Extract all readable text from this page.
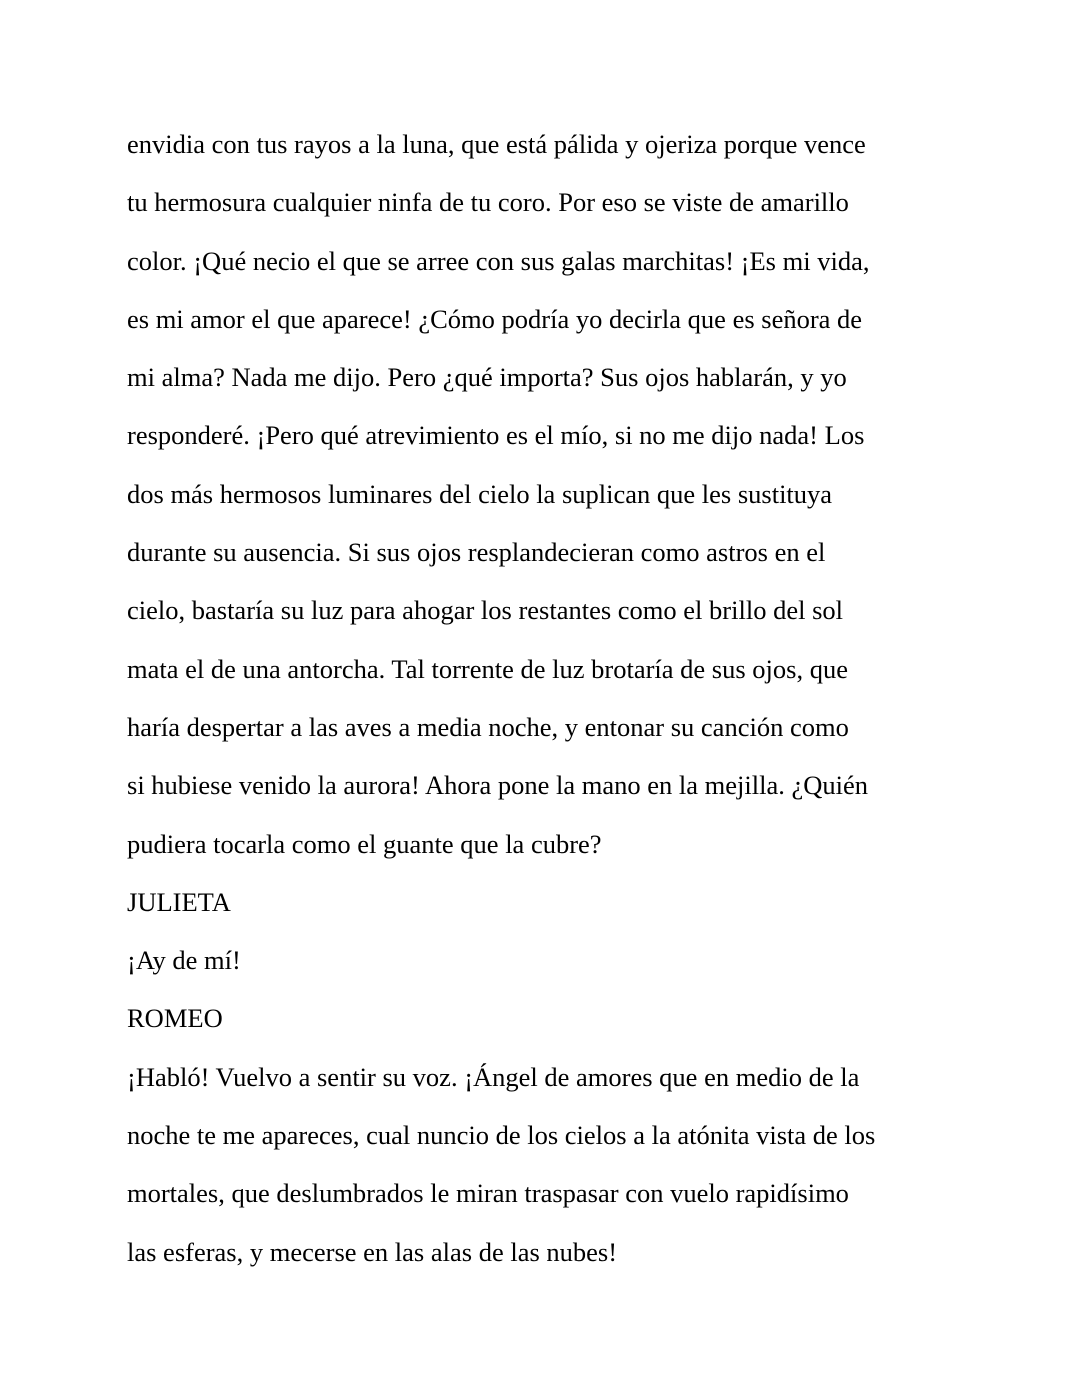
envidia con tus rayos a la luna, que está pálida y ojeriza porque vence
tu hermosura cualquier ninfa de tu coro. Por eso se viste de amarillo
color. ¡Qué necio el que se arree con sus galas marchitas! ¡Es mi vida,
es mi amor el que aparece! ¿Cómo podría yo decirla que es señora de
mi alma? Nada me dijo. Pero ¿qué importa? Sus ojos hablarán, y yo
responderé. ¡Pero qué atrevimiento es el mío, si no me dijo nada! Los
dos más hermosos luminares del cielo la suplican que les sustituya
durante su ausencia. Si sus ojos resplandecieran como astros en el
cielo, bastaría su luz para ahogar los restantes como el brillo del sol
mata el de una antorcha. Tal torrente de luz brotaría de sus ojos, que
haría despertar a las aves a media noche, y entonar su canción como
si hubiese venido la aurora! Ahora pone la mano en la mejilla. ¿Quién
pudiera tocarla como el guante que la cubre?
JULIETA
¡Ay de mí!
ROMEO
¡Habló! Vuelvo a sentir su voz. ¡Ángel de amores que en medio de la
noche te me apareces, cual nuncio de los cielos a la atónita vista de los
mortales, que deslumbrados le miran traspasar con vuelo rapidísimo
las esferas, y mecerse en las alas de las nubes!
